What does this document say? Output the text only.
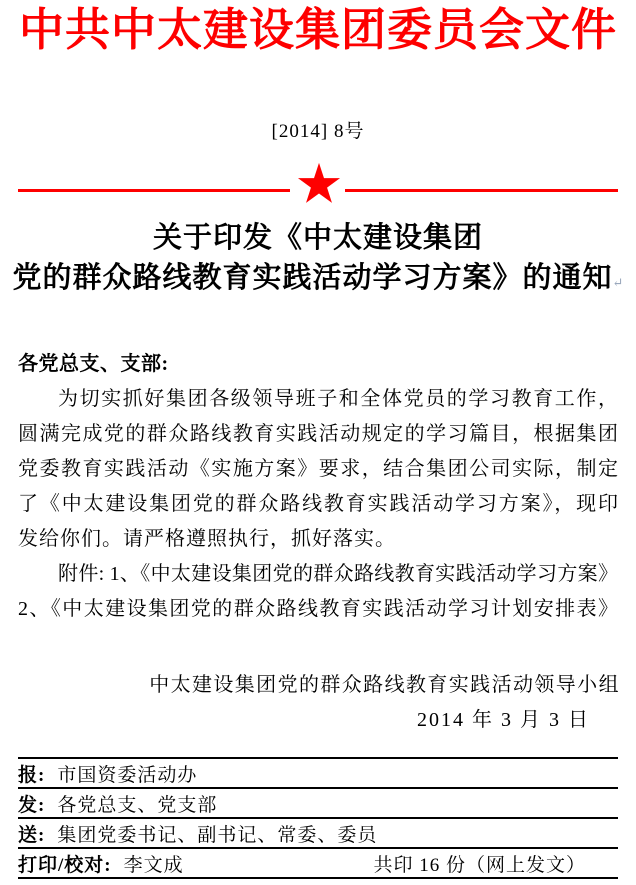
中共中太建设集团委员会文件
[2014] 8号
关于印发《中太建设集团
党的群众路线教育实践活动学习方案》的通知↵
各党总支、支部:
为切实抓好集团各级领导班子和全体党员的学习教育工作，
圆满完成党的群众路线教育实践活动规定的学习篇目，根据集团
党委教育实践活动《实施方案》要求，结合集团公司实际，制定
了《中太建设集团党的群众路线教育实践活动学习方案》，现印
发给你们。请严格遵照执行，抓好落实。
附件: 1、《中太建设集团党的群众路线教育实践活动学习方案》
2、《中太建设集团党的群众路线教育实践活动学习计划安排表》
中太建设集团党的群众路线教育实践活动领导小组
2014 年 3 月 3 日
报: 市国资委活动办
发: 各党总支、党支部
送: 集团党委书记、副书记、常委、委员
打印/校对: 李文成	共印 16 份（网上发文）
